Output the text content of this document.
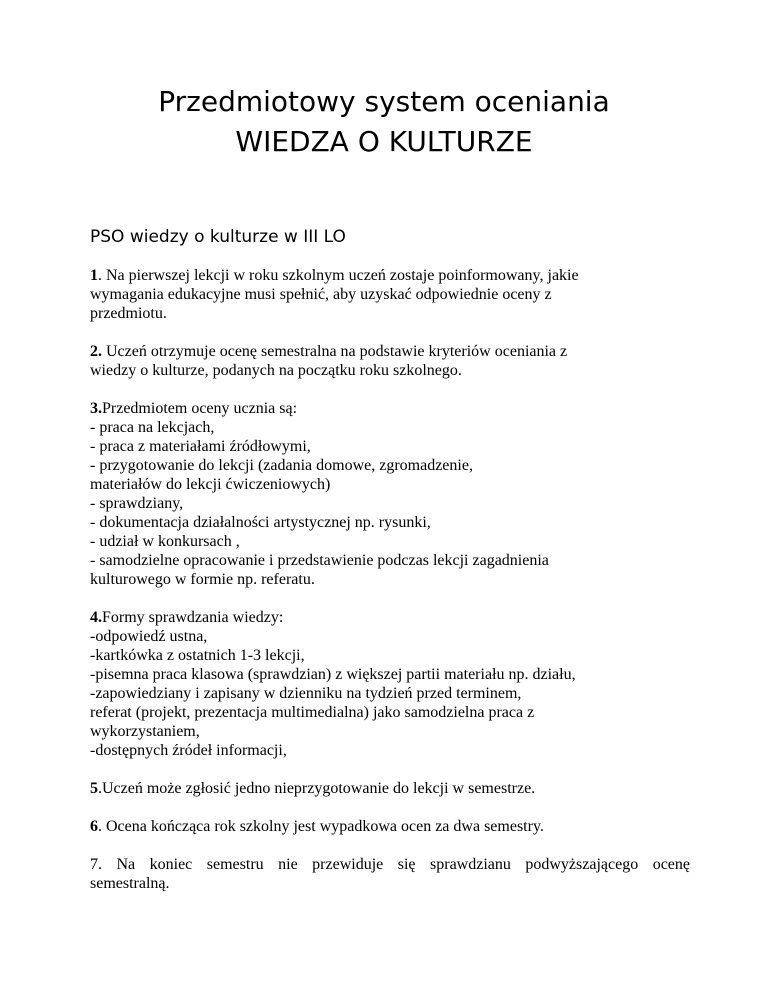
Przedmiotowy system oceniania
WIEDZA O KULTURZE
PSO wiedzy o kulturze w III LO
1. Na pierwszej lekcji w roku szkolnym uczeń zostaje poinformowany, jakie
wymagania edukacyjne musi spełnić, aby uzyskać odpowiednie oceny z
przedmiotu.
2. Uczeń otrzymuje ocenę semestralna na podstawie kryteriów oceniania z
wiedzy o kulturze, podanych na początku roku szkolnego.
3.Przedmiotem oceny ucznia są:
- praca na lekcjach,
- praca z materiałami źródłowymi,
- przygotowanie do lekcji (zadania domowe, zgromadzenie,
materiałów do lekcji ćwiczeniowych)
- sprawdziany,
- dokumentacja działalności artystycznej np. rysunki,
- udział w konkursach ,
- samodzielne opracowanie i przedstawienie podczas lekcji zagadnienia
kulturowego w formie np. referatu.
4.Formy sprawdzania wiedzy:
-odpowiedź ustna,
-kartkówka z ostatnich 1-3 lekcji,
-pisemna praca klasowa (sprawdzian) z większej partii materiału np. działu,
-zapowiedziany i zapisany w dzienniku na tydzień przed terminem,
referat (projekt, prezentacja multimedialna) jako samodzielna praca z
wykorzystaniem,
-dostępnych źródeł informacji,
5.Uczeń może zgłosić jedno nieprzygotowanie do lekcji w semestrze.
6. Ocena kończąca rok szkolny jest wypadkowa ocen za dwa semestry.
7. Na koniec semestru nie przewiduje się sprawdzianu podwyższającego ocenę
semestralną.
